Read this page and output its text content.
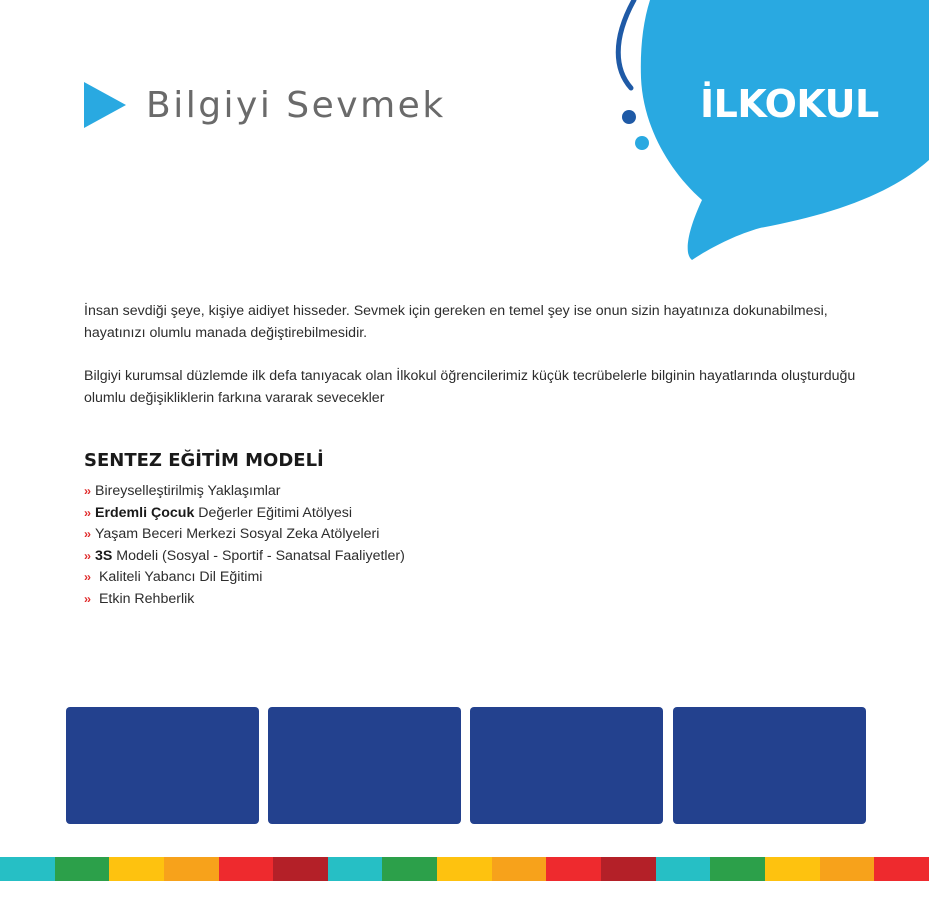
İLKOKUL
Bilgiyi Sevmek

İnsan sevdiği şeye, kişiye aidiyet hisseder. Sevmek için gereken en temel şey ise onun sizin hayatınıza dokunabilmesi, hayatınızı olumlu manada değiştirebilmesidir.

Bilgiyi kurumsal düzlemde ilk defa tanıyacak olan İlkokul öğrencilerimiz küçük tecrübelerle bilginin hayatlarında oluşturduğu olumlu değişikliklerin farkına vararak sevecekler

SENTEZ EĞİTİM MODELİ
›› Bireyselleştirilmiş Yaklaşımlar
›› Erdemli Çocuk Değerler Eğitimi Atölyesi
›› Yaşam Beceri Merkezi Sosyal Zeka Atölyeleri
›› 3S Modeli (Sosyal - Sportif - Sanatsal Faaliyetler)
›› Kaliteli Yabancı Dil Eğitimi
›› Etkin Rehberlik
